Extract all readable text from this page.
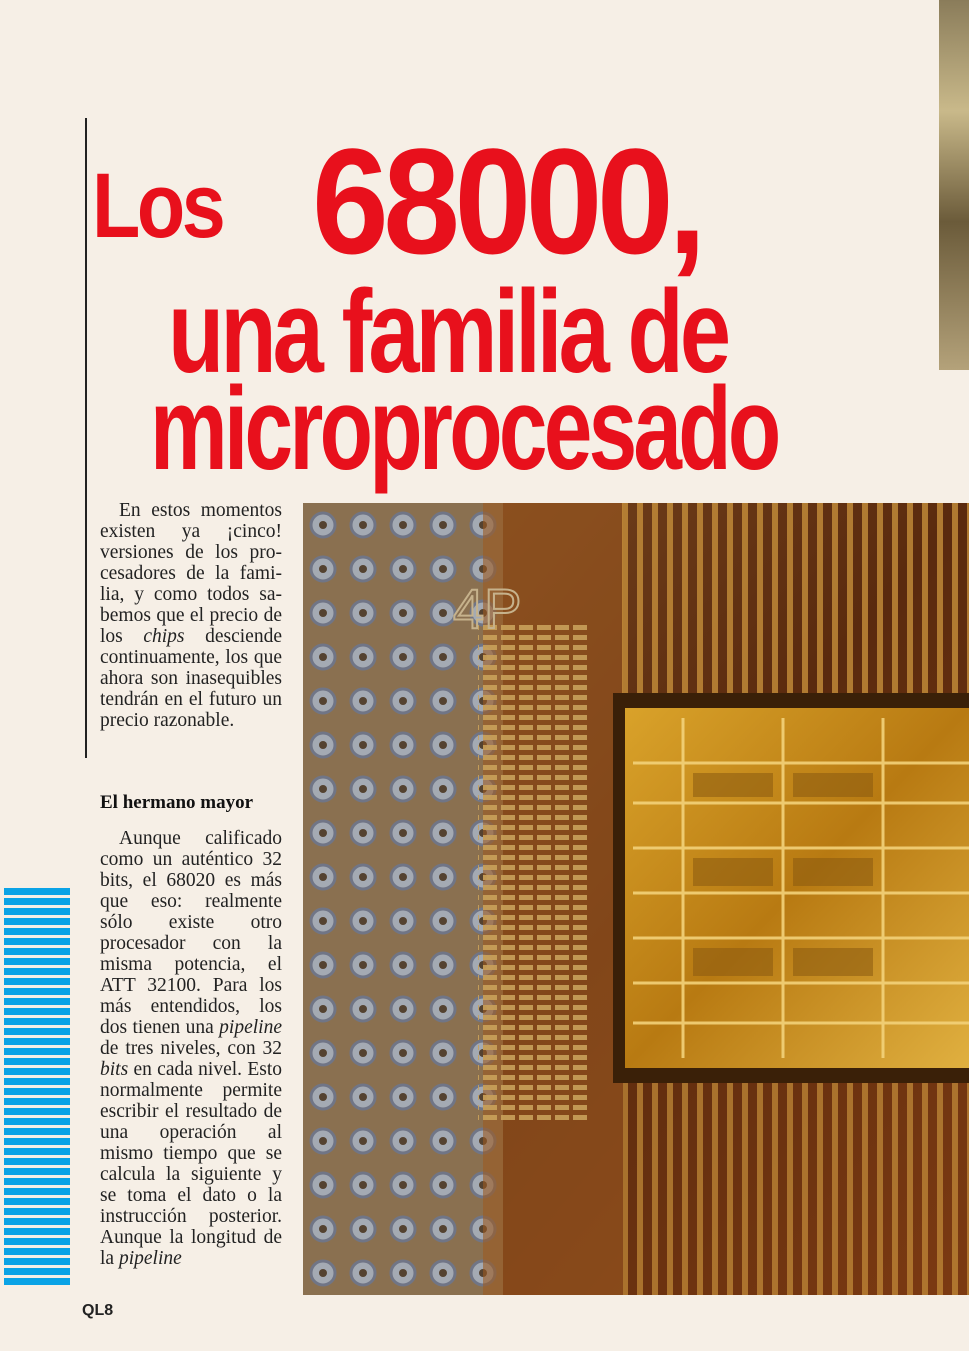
Los 68000,
una familia de
microprocesado

En estos momentos existen ya ¡cinco! versiones de los procesadores de la familia, y como todos sabemos que el precio de los chips desciende continuamente, los que ahora son inasequibles tendrán en el futuro un precio razonable.

El hermano mayor

Aunque calificado como un auténtico 32 bits, el 68020 es más que eso: realmente sólo existe otro procesador con la misma potencia, el ATT 32100. Para los más entendidos, los dos tienen una pipeline de tres niveles, con 32 bits en cada nivel. Esto normalmente permite escribir el resultado de una operación al mismo tiempo que se calcula la siguiente y se toma el dato o la instrucción posterior. Aunque la longitud de la pipeline

QL8
4P
